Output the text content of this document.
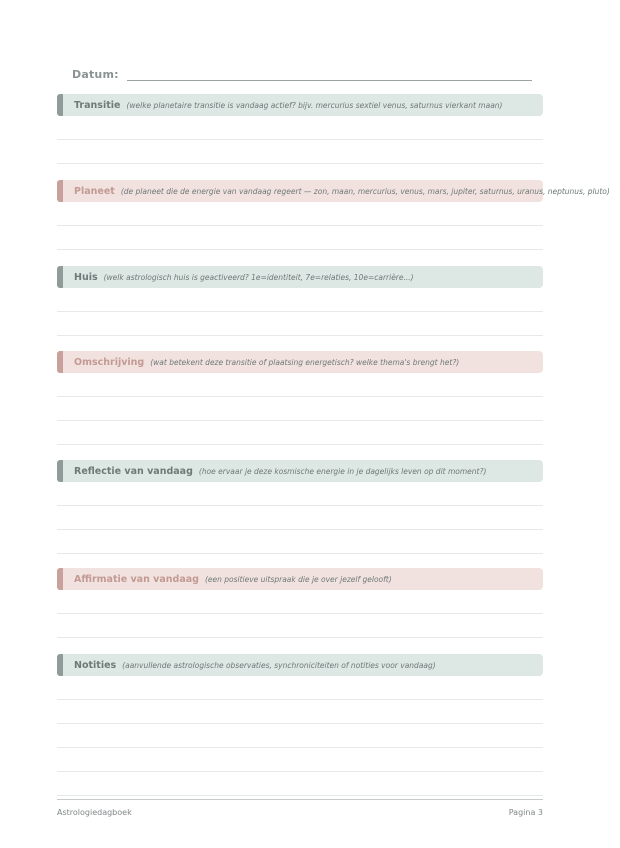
Datum:
Transitie (welke planetaire transitie is vandaag actief? bijv. mercurius sextiel venus, saturnus vierkant maan)
Planeet (de planeet die de energie van vandaag regeert — zon, maan, mercurius, venus, mars, jupiter, saturnus, uranus, neptunus, pluto)
Huis (welk astrologisch huis is geactiveerd? 1e=identiteit, 7e=relaties, 10e=carrière...)
Omschrijving (wat betekent deze transitie of plaatsing energetisch? welke thema's brengt het?)
Reflectie van vandaag (hoe ervaar je deze kosmische energie in je dagelijks leven op dit moment?)
Affirmatie van vandaag (een positieve uitspraak die je over jezelf gelooft)
Notities (aanvullende astrologische observaties, synchroniciteiten of notities voor vandaag)
Astrologiedagboek	Pagina 3
